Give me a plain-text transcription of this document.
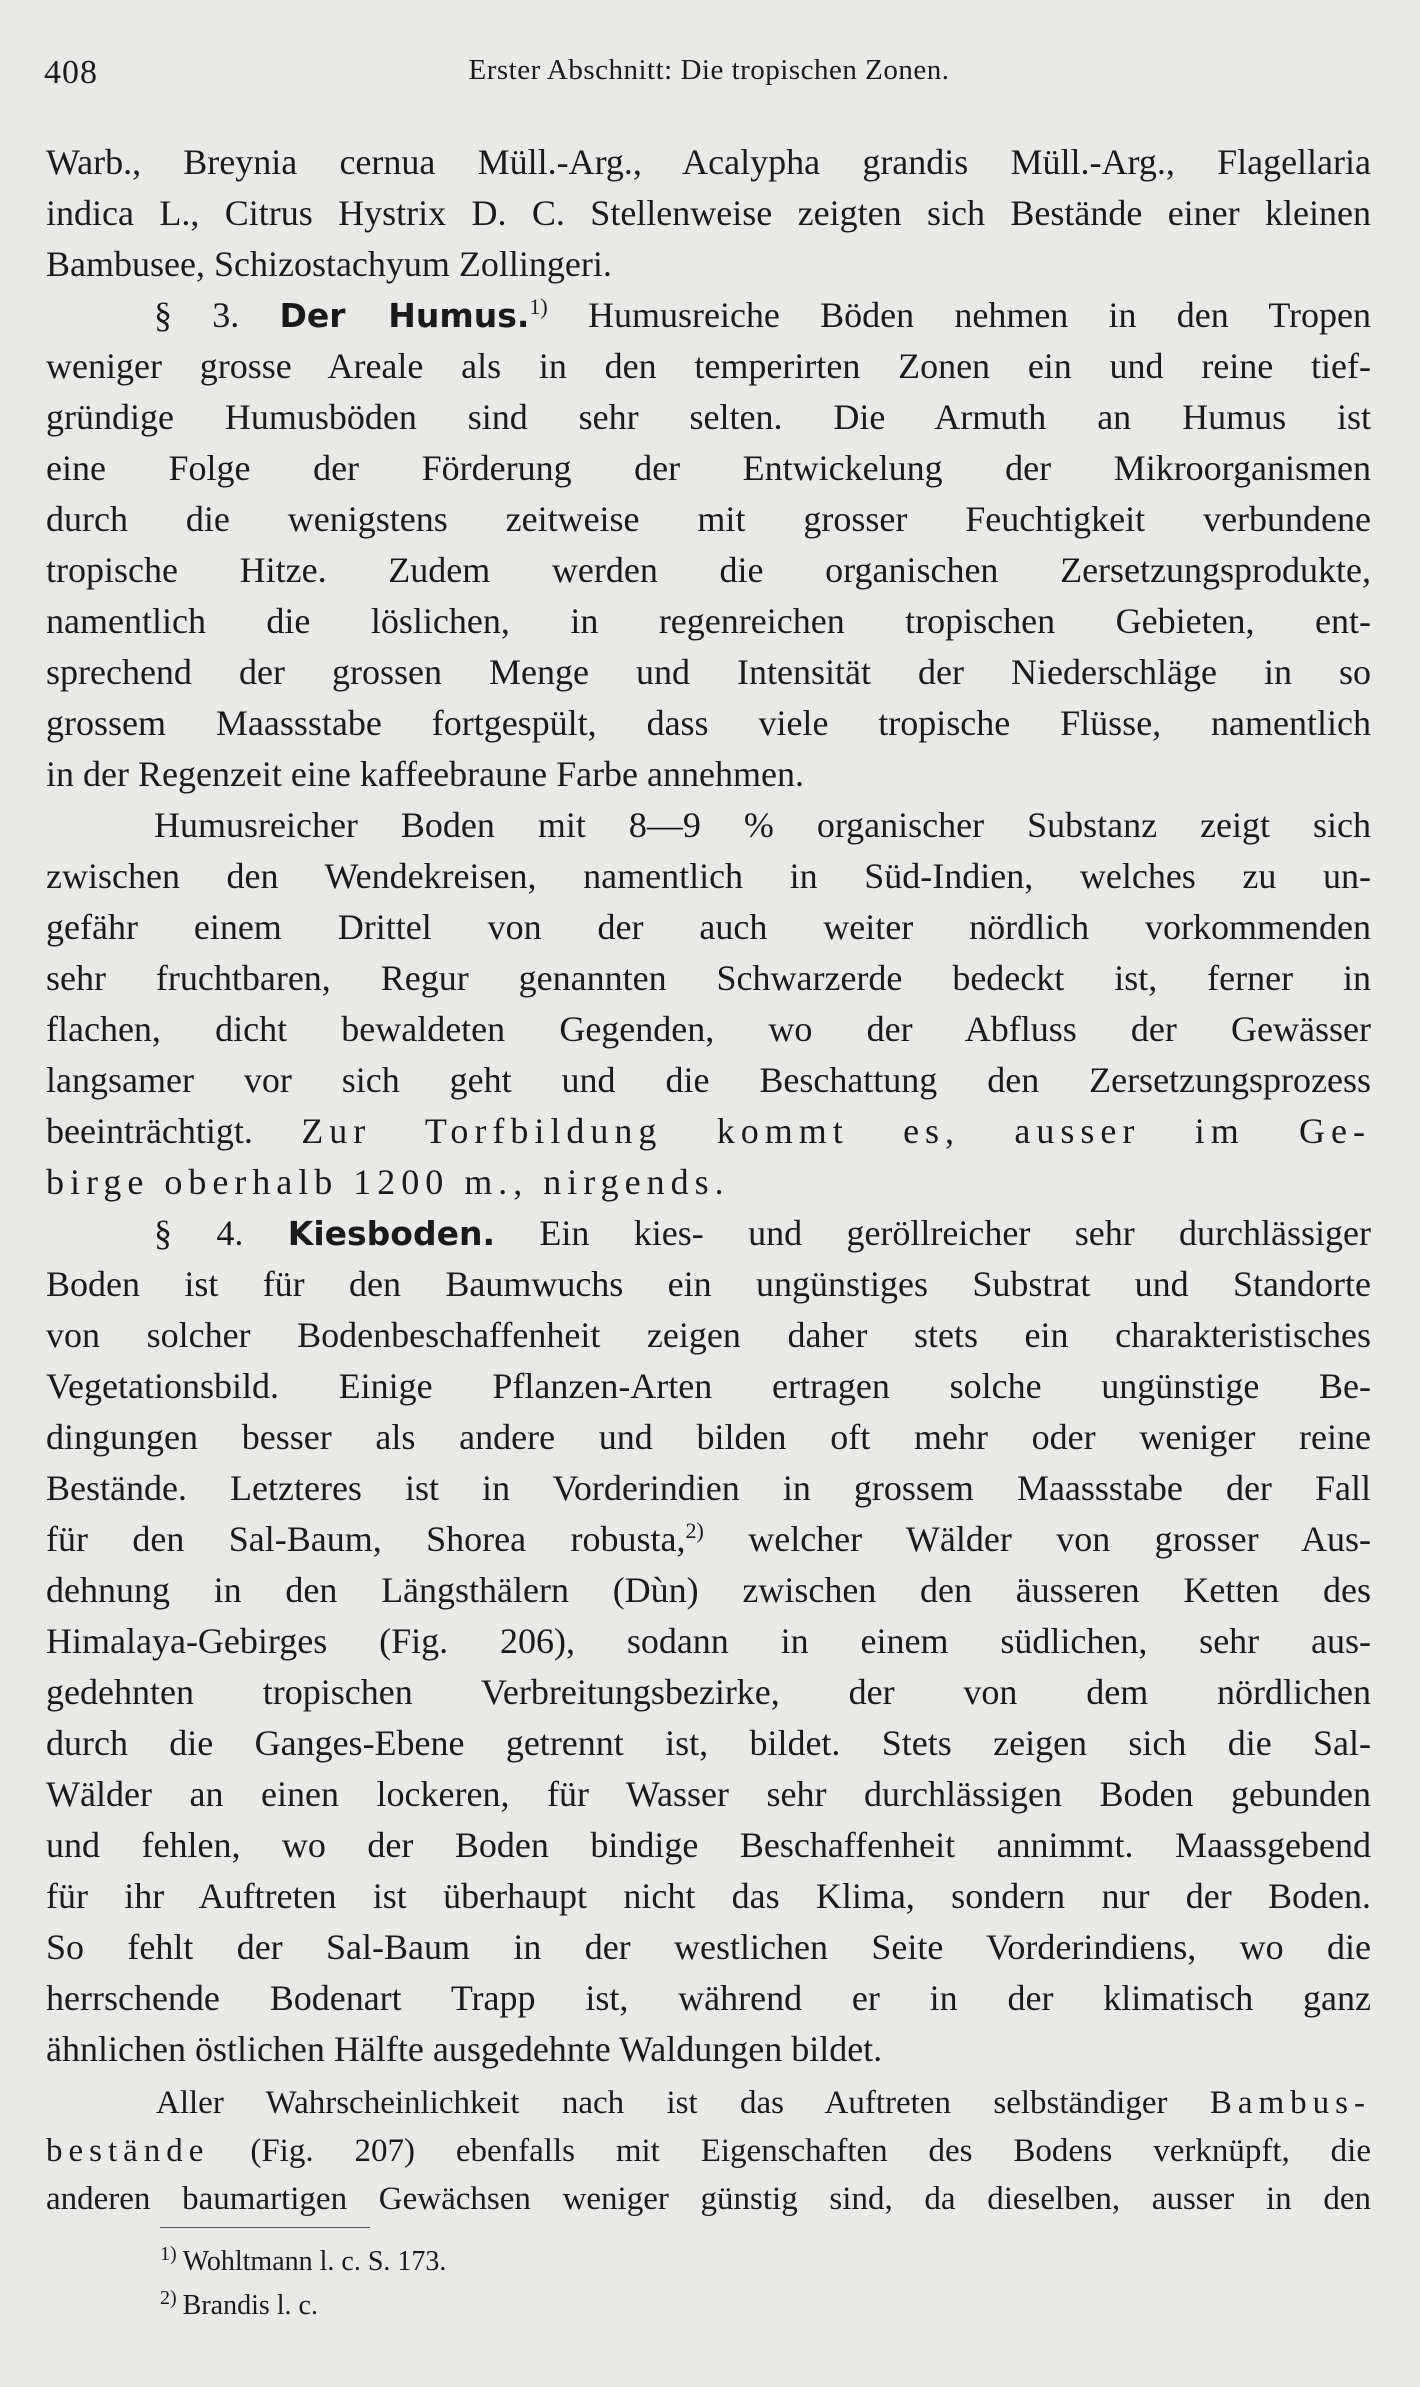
408	Erster Abschnitt: Die tropischen Zonen.
Warb., Breynia cernua Müll.-Arg., Acalypha grandis Müll.-Arg., Flagellaria
indica L., Citrus Hystrix D. C. Stellenweise zeigten sich Bestände einer kleinen
Bambusee, Schizostachyum Zollingeri.
§ 3. Der Humus.$^{1)}$ Humusreiche Böden nehmen in den Tropen
weniger grosse Areale als in den temperirten Zonen ein und reine tief-
gründige Humusböden sind sehr selten. Die Armuth an Humus ist
eine Folge der Förderung der Entwickelung der Mikroorganismen
durch die wenigstens zeitweise mit grosser Feuchtigkeit verbundene
tropische Hitze. Zudem werden die organischen Zersetzungsprodukte,
namentlich die löslichen, in regenreichen tropischen Gebieten, ent-
sprechend der grossen Menge und Intensität der Niederschläge in so
grossem Maassstabe fortgespült, dass viele tropische Flüsse, namentlich
in der Regenzeit eine kaffeebraune Farbe annehmen.
Humusreicher Boden mit 8—9 % organischer Substanz zeigt sich
zwischen den Wendekreisen, namentlich in Süd-Indien, welches zu un-
gefähr einem Drittel von der auch weiter nördlich vorkommenden
sehr fruchtbaren, Regur genannten Schwarzerde bedeckt ist, ferner in
flachen, dicht bewaldeten Gegenden, wo der Abfluss der Gewässer
langsamer vor sich geht und die Beschattung den Zersetzungsprozess
beeinträchtigt. Zur Torfbildung kommt es, ausser im Ge-
birge oberhalb 1200 m., nirgends.
§ 4. Kiesboden. Ein kies- und geröllreicher sehr durchlässiger
Boden ist für den Baumwuchs ein ungünstiges Substrat und Standorte
von solcher Bodenbeschaffenheit zeigen daher stets ein charakteristisches
Vegetationsbild. Einige Pflanzen-Arten ertragen solche ungünstige Be-
dingungen besser als andere und bilden oft mehr oder weniger reine
Bestände. Letzteres ist in Vorderindien in grossem Maassstabe der Fall
für den Sal-Baum, Shorea robusta,$^{2)}$ welcher Wälder von grosser Aus-
dehnung in den Längsthälern (Dùn) zwischen den äusseren Ketten des
Himalaya-Gebirges (Fig. 206), sodann in einem südlichen, sehr aus-
gedehnten tropischen Verbreitungsbezirke, der von dem nördlichen
durch die Ganges-Ebene getrennt ist, bildet. Stets zeigen sich die Sal-
Wälder an einen lockeren, für Wasser sehr durchlässigen Boden gebunden
und fehlen, wo der Boden bindige Beschaffenheit annimmt. Maassgebend
für ihr Auftreten ist überhaupt nicht das Klima, sondern nur der Boden.
So fehlt der Sal-Baum in der westlichen Seite Vorderindiens, wo die
herrschende Bodenart Trapp ist, während er in der klimatisch ganz
ähnlichen östlichen Hälfte ausgedehnte Waldungen bildet.
Aller Wahrscheinlichkeit nach ist das Auftreten selbständiger Bambus-
bestände (Fig. 207) ebenfalls mit Eigenschaften des Bodens verknüpft, die
anderen baumartigen Gewächsen weniger günstig sind, da dieselben, ausser in den
$^{1)}$ Wohltmann l. c. S. 173.
$^{2)}$ Brandis l. c.
